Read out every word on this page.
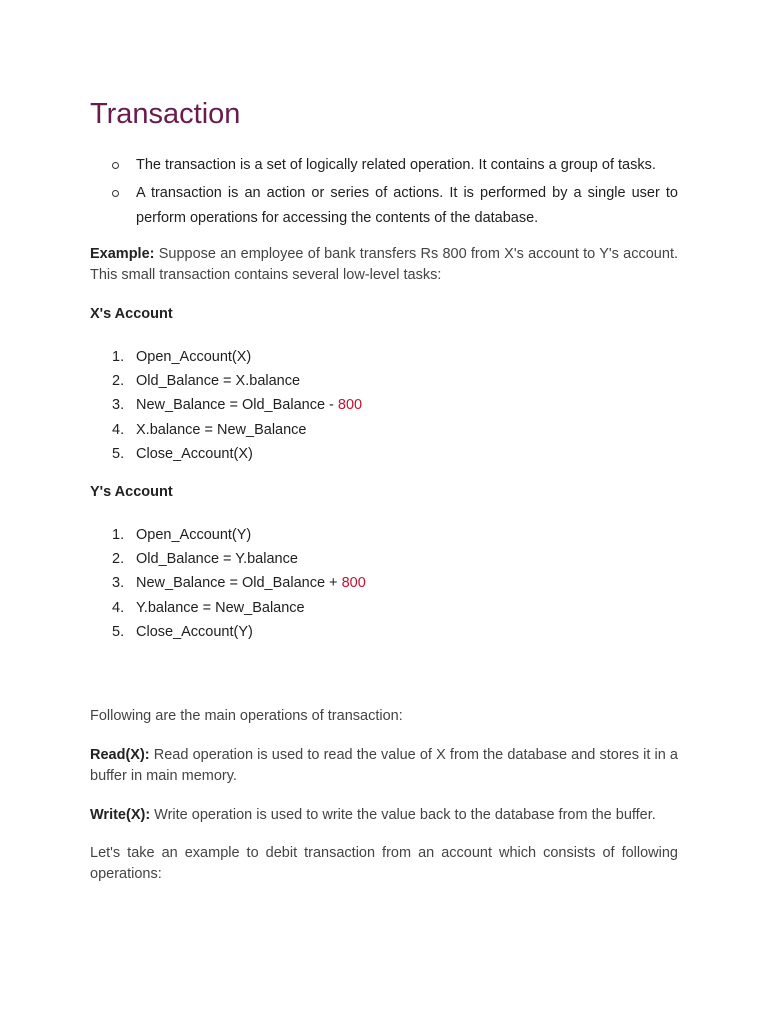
Transaction
The transaction is a set of logically related operation. It contains a group of tasks.
A transaction is an action or series of actions. It is performed by a single user to perform operations for accessing the contents of the database.

Example: Suppose an employee of bank transfers Rs 800 from X's account to Y's account. This small transaction contains several low-level tasks:

X's Account

1. Open_Account(X)
2. Old_Balance = X.balance
3. New_Balance = Old_Balance - 800
4. X.balance = New_Balance
5. Close_Account(X)

Y's Account

1. Open_Account(Y)
2. Old_Balance = Y.balance
3. New_Balance = Old_Balance + 800
4. Y.balance = New_Balance
5. Close_Account(Y)

Following are the main operations of transaction:

Read(X): Read operation is used to read the value of X from the database and stores it in a buffer in main memory.

Write(X): Write operation is used to write the value back to the database from the buffer.

Let's take an example to debit transaction from an account which consists of following operations:
